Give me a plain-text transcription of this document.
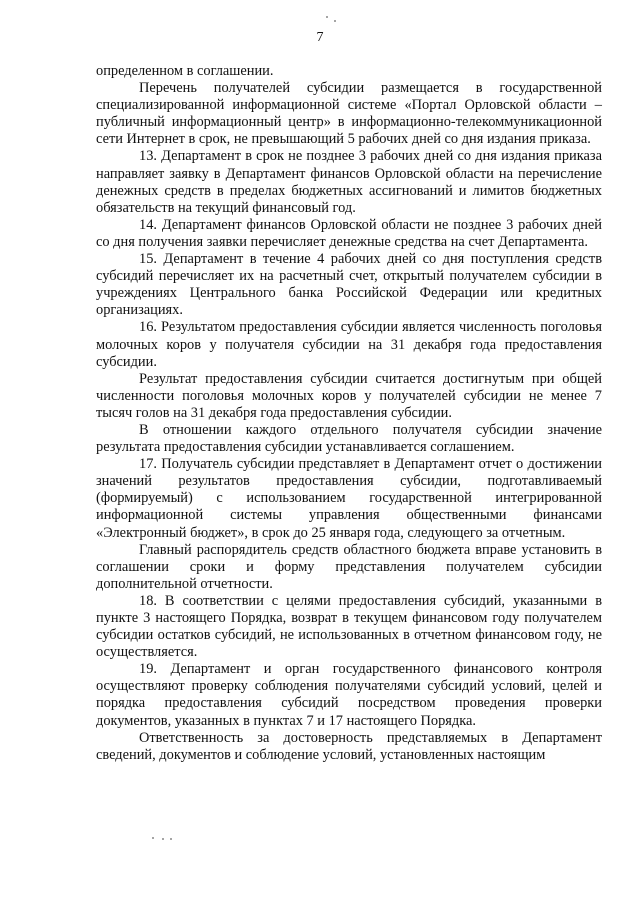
7

определенном в соглашении.

Перечень получателей субсидии размещается в государственной специализированной информационной системе «Портал Орловской области – публичный информационный центр» в информационно-телекоммуникационной сети Интернет в срок, не превышающий 5 рабочих дней со дня издания приказа.

13. Департамент в срок не позднее 3 рабочих дней со дня издания приказа направляет заявку в Департамент финансов Орловской области на перечисление денежных средств в пределах бюджетных ассигнований и лимитов бюджетных обязательств на текущий финансовый год.

14. Департамент финансов Орловской области не позднее 3 рабочих дней со дня получения заявки перечисляет денежные средства на счет Департамента.

15. Департамент в течение 4 рабочих дней со дня поступления средств субсидий перечисляет их на расчетный счет, открытый получателем субсидии в учреждениях Центрального банка Российской Федерации или кредитных организациях.

16. Результатом предоставления субсидии является численность поголовья молочных коров у получателя субсидии на 31 декабря года предоставления субсидии.

Результат предоставления субсидии считается достигнутым при общей численности поголовья молочных коров у получателей субсидии не менее 7 тысяч голов на 31 декабря года предоставления субсидии.

В отношении каждого отдельного получателя субсидии значение результата предоставления субсидии устанавливается соглашением.

17. Получатель субсидии представляет в Департамент отчет о достижении значений результатов предоставления субсидии, подготавливаемый (формируемый) с использованием государственной интегрированной информационной системы управления общественными финансами «Электронный бюджет», в срок до 25 января года, следующего за отчетным.

Главный распорядитель средств областного бюджета вправе установить в соглашении сроки и форму представления получателем субсидии дополнительной отчетности.

18. В соответствии с целями предоставления субсидий, указанными в пункте 3 настоящего Порядка, возврат в текущем финансовом году получателем субсидии остатков субсидий, не использованных в отчетном финансовом году, не осуществляется.

19. Департамент и орган государственного финансового контроля осуществляют проверку соблюдения получателями субсидий условий, целей и порядка предоставления субсидий посредством проведения проверки документов, указанных в пунктах 7 и 17 настоящего Порядка.

Ответственность за достоверность представляемых в Департамент сведений, документов и соблюдение условий, установленных настоящим
